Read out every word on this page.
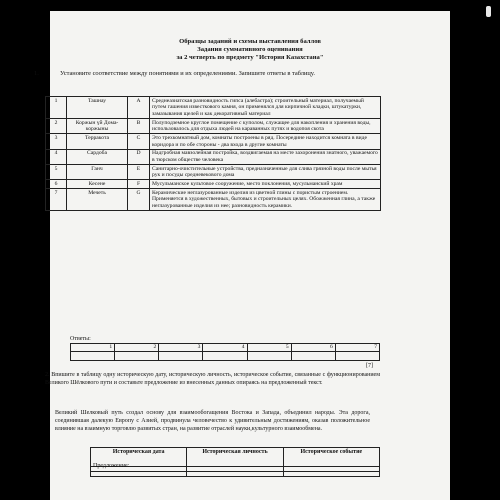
Образцы заданий и схемы выставления баллов
Задания суммативного оценивания
за 2 четверть по предмету "История Казахстана"
1.	Установите соответствие между понятиями и их определениями. Запишите ответы в таблицу.
1	Ташнау	A	Среднеазиатская разновидность гипса (алебастра); строительный материал, получаемый путем гашения известкового камня, он применялся для кирпичной кладки, штукатурки, замазывания щелей и как декоративный материал
2	Коржын үй Дома-коржыны	B	Полуподземное круглое помещение с куполом, служащее для накопления и хранения воды, использовалось для отдыха людей на караванных путях и водопоя скота
3	Терракота	C	Это трехкомнатный дом, комнаты построены в ряд. Посередине находится комната в виде коридора и по обе стороны - два входа в другие комнаты
4	Сардоба	D	Надгробная мавзолейная постройка, воздвигаемая на месте захоронения знатного, уважаемого в тюрском обществе человека
5	Ганч	E	Санитарно-очистительные устройства, предназначенные для слива грязной воды после мытья рук и посуды средневекового дома
6	Кесене	F	Мусульманское культовое сооружение, место поклонения, мусульманский храм
7	Мечеть	G	Керамические неглазурованные изделия из цветной глины с пористым строением. Применяется в художественных, бытовых и строительных целях. Обожженная глина, а также неглазурованные изделия из нее; разновидность керамики.
Ответы:
1	2	3	4	5	6	7

[7]
2. Впишите в таблицу одну историческую дату, историческую личность, историческое событие, связанные с функционированием Великого Шёлкового пути и составьте предложение из внесенных данных опираясь на предложенный текст.
Великий Шелковый путь создал основу для взаимообогащения Востока и Запада, объединил народы. Эта дорога, соединившая далекую Европу с Азией, продвинула человечество к удивительным достижениям, оказав положительное влияние на взаимную торговлю развитых стран, на развитие отраслей науки,культурного взаимообмена.
Историческая дата	Историческая личность	Историческое событие

Предложение:
